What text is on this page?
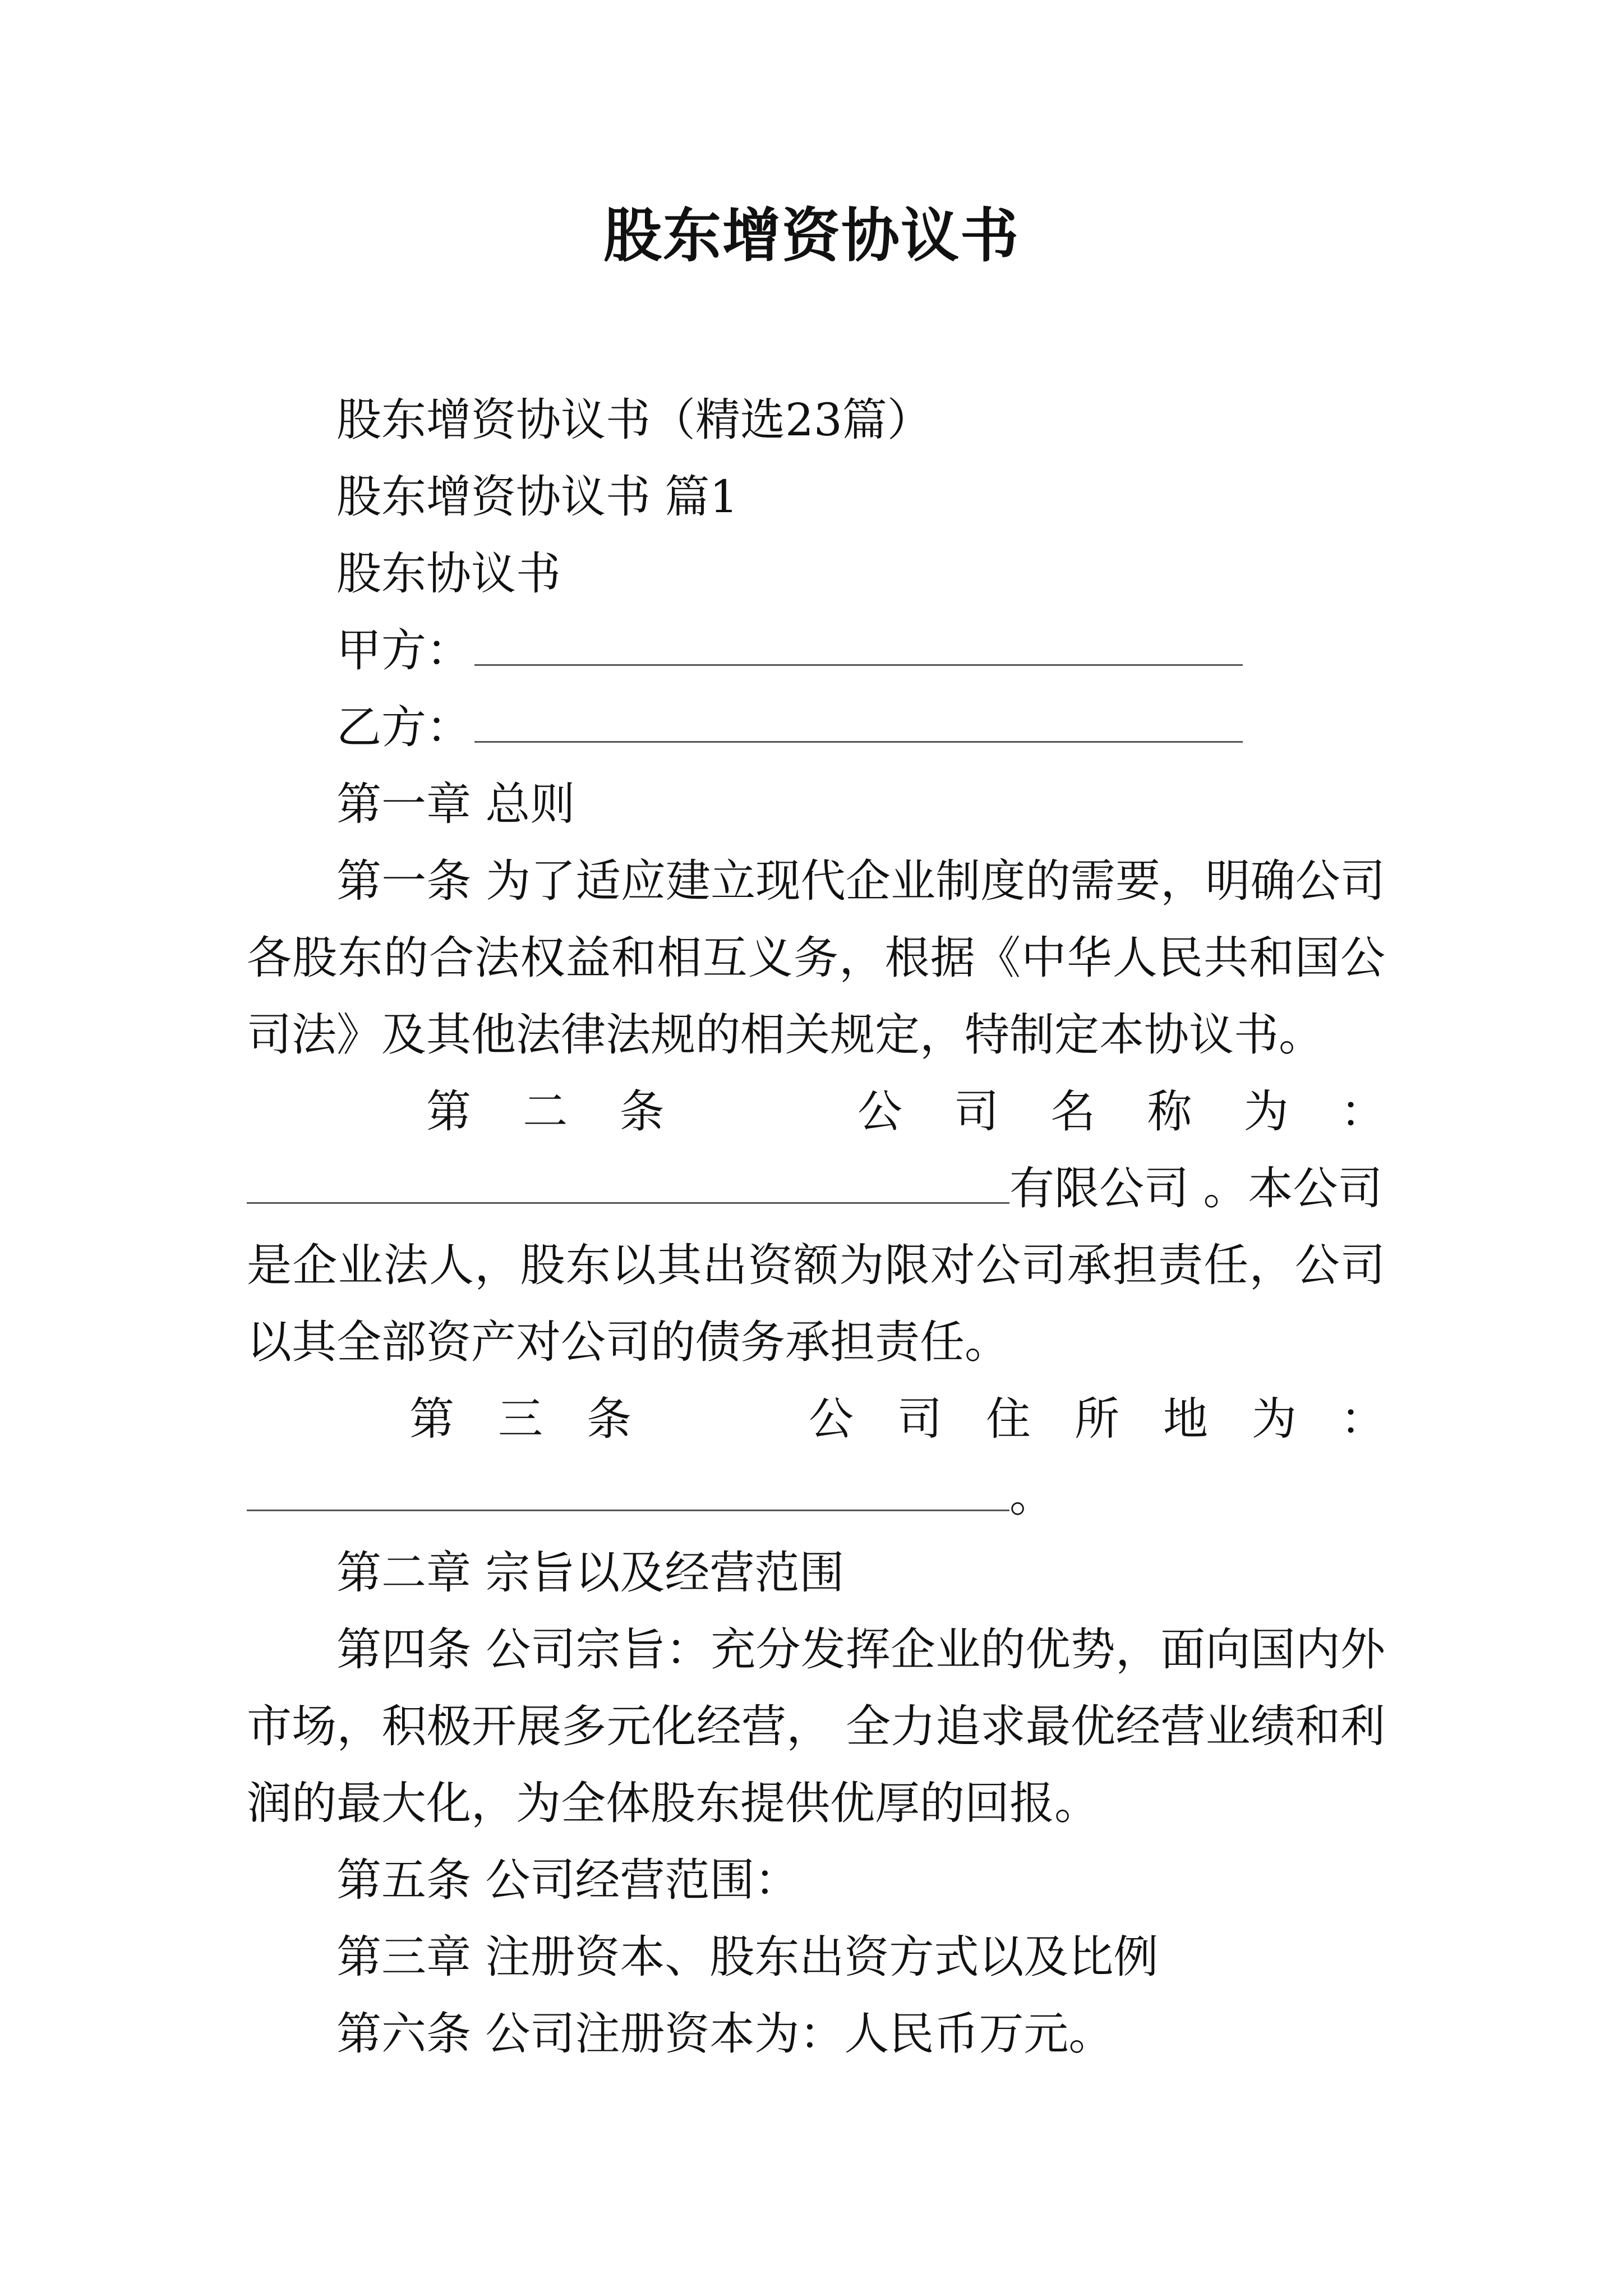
股东增资协议书
股东增资协议书（精选23篇）
股东增资协议书 篇1
股东协议书
甲方：
乙方：
第一章 总则
第一条 为了适应建立现代企业制度的需要，明确公司各股东的合法权益和相互义务，根据《中华人民共和国公司法》及其他法律法规的相关规定，特制定本协议书。
第 二 条	公 司 名 称 为 ：
有限公司 。本公司
是企业法人，股东以其出资额为限对公司承担责任，公司以其全部资产对公司的债务承担责任。
第 三 条	公 司 住 所 地 为 ：
。
第二章 宗旨以及经营范围
第四条 公司宗旨：充分发挥企业的优势，面向国内外市场，积极开展多元化经营， 全力追求最优经营业绩和利润的最大化，为全体股东提供优厚的回报。
第五条 公司经营范围：
第三章 注册资本、股东出资方式以及比例
第六条 公司注册资本为：人民币万元。
